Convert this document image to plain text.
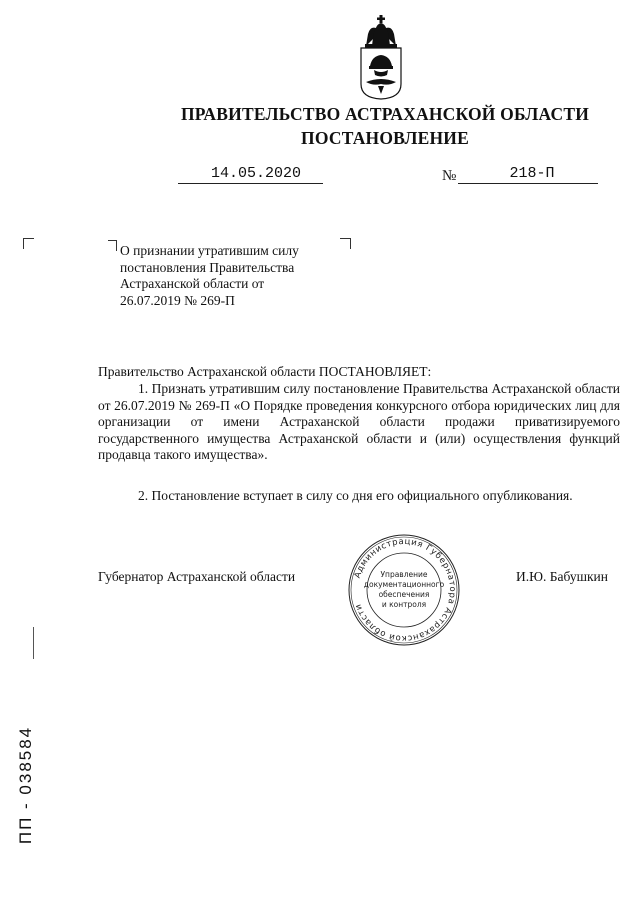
ПРАВИТЕЛЬСТВО АСТРАХАНСКОЙ ОБЛАСТИ
ПОСТАНОВЛЕНИЕ
14.05.2020	№	218-П
О признании утратившим силу
постановления Правительства
Астраханской области от
26.07.2019 № 269-П
Правительство Астраханской области ПОСТАНОВЛЯЕТ:
1. Признать утратившим силу постановление Правительства Астраханской области от 26.07.2019 № 269-П «О Порядке проведения конкурсного отбора юридических лиц для организации от имени Астраханской области продажи приватизируемого государственного имущества Астраханской области и (или) осуществления функций продавца такого имущества».
2. Постановление вступает в силу со дня его официального опубликования.
Губернатор Астраханской области	И.Ю. Бабушкин
Администрация Губернатора Астраханской области
Управление
документационного
обеспечения
и контроля
ПП - 038584
